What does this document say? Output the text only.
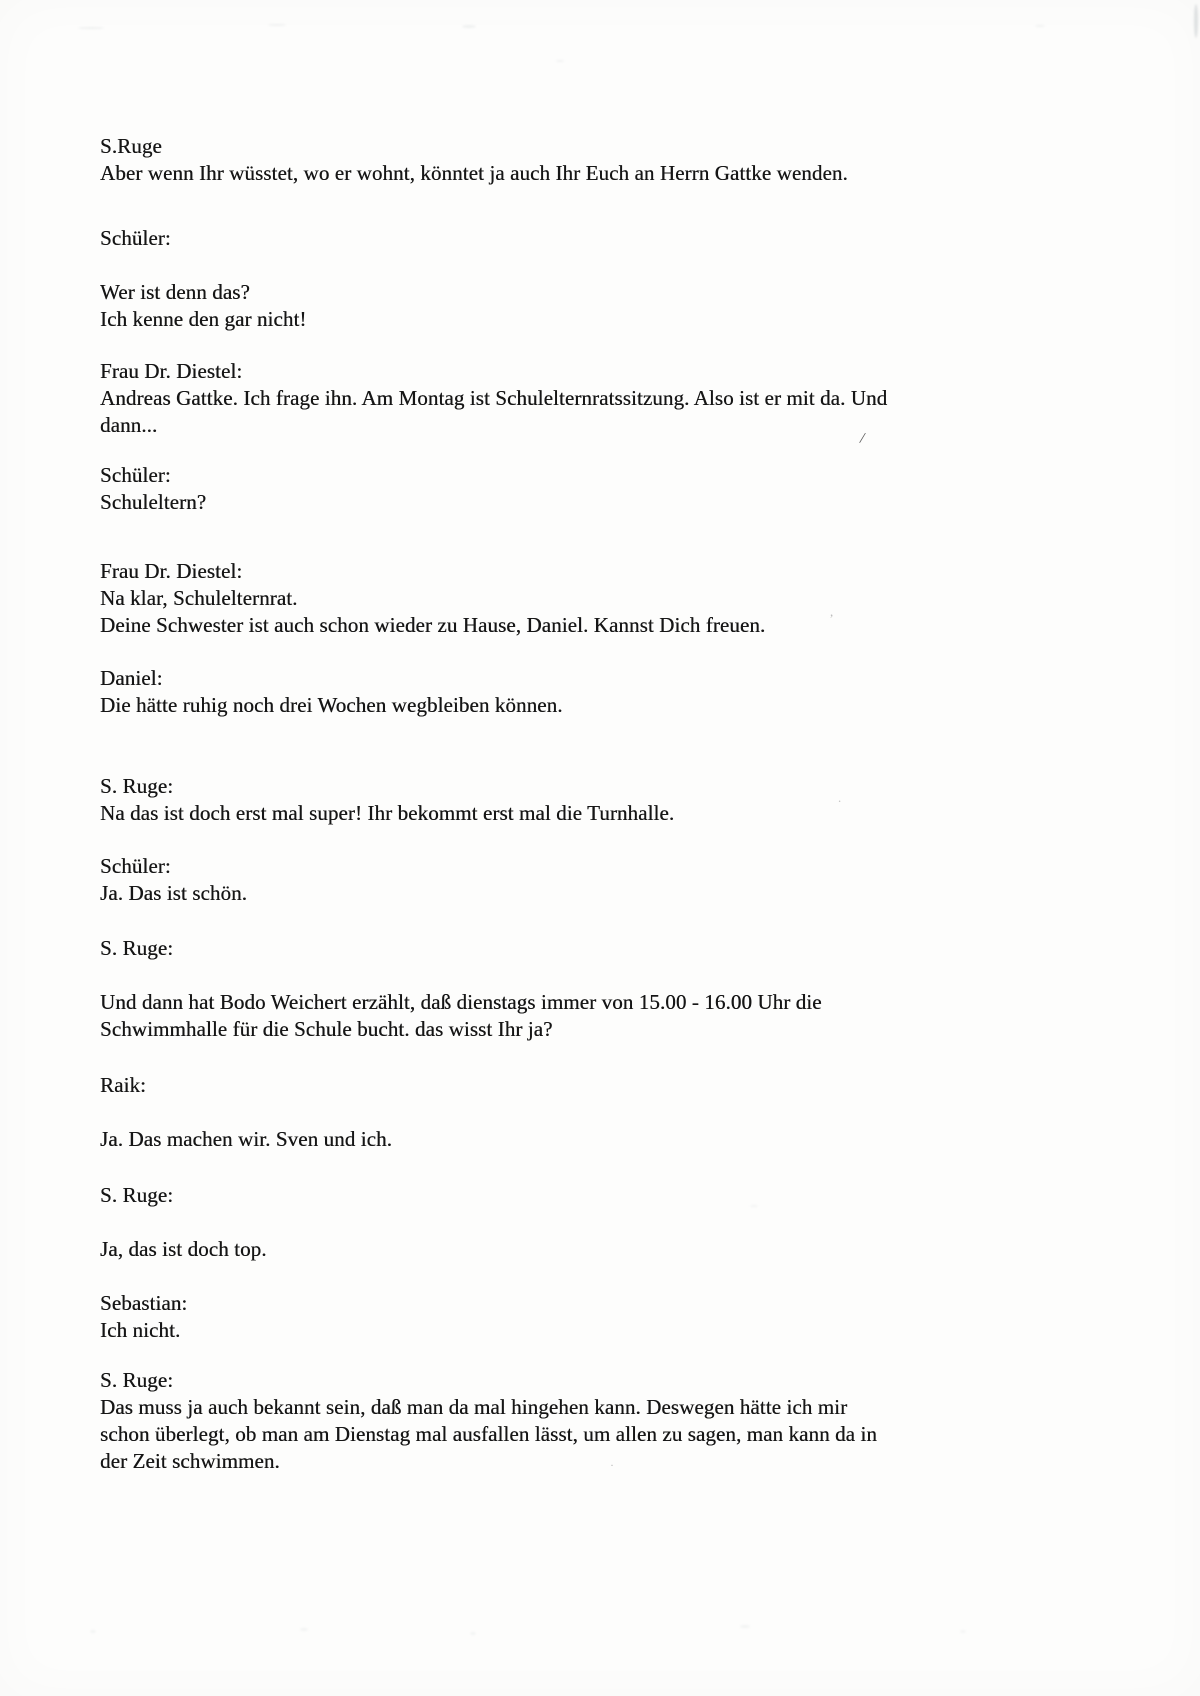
S.Ruge
Aber wenn Ihr wüsstet, wo er wohnt, könntet ja auch Ihr Euch an Herrn Gattke wenden.
Schüler:
Wer ist denn das?
Ich kenne den gar nicht!
Frau Dr. Diestel:
Andreas Gattke. Ich frage ihn. Am Montag ist Schulelternratssitzung. Also ist er mit da. Und
dann...
Schüler:
Schuleltern?
Frau Dr. Diestel:
Na klar, Schulelternrat.
Deine Schwester ist auch schon wieder zu Hause, Daniel. Kannst Dich freuen.
Daniel:
Die hätte ruhig noch drei Wochen wegbleiben können.
S. Ruge:
Na das ist doch erst mal super! Ihr bekommt erst mal die Turnhalle.
Schüler:
Ja. Das ist schön.
S. Ruge:
Und dann hat Bodo Weichert erzählt, daß dienstags immer von 15.00 - 16.00 Uhr die
Schwimmhalle für die Schule bucht. das wisst Ihr ja?
Raik:
Ja. Das machen wir. Sven und ich.
S. Ruge:
Ja, das ist doch top.
Sebastian:
Ich nicht.
S. Ruge:
Das muss ja auch bekannt sein, daß man da mal hingehen kann. Deswegen hätte ich mir
schon überlegt, ob man am Dienstag mal ausfallen lässt, um allen zu sagen, man kann da in
der Zeit schwimmen.
/
,
.
·
